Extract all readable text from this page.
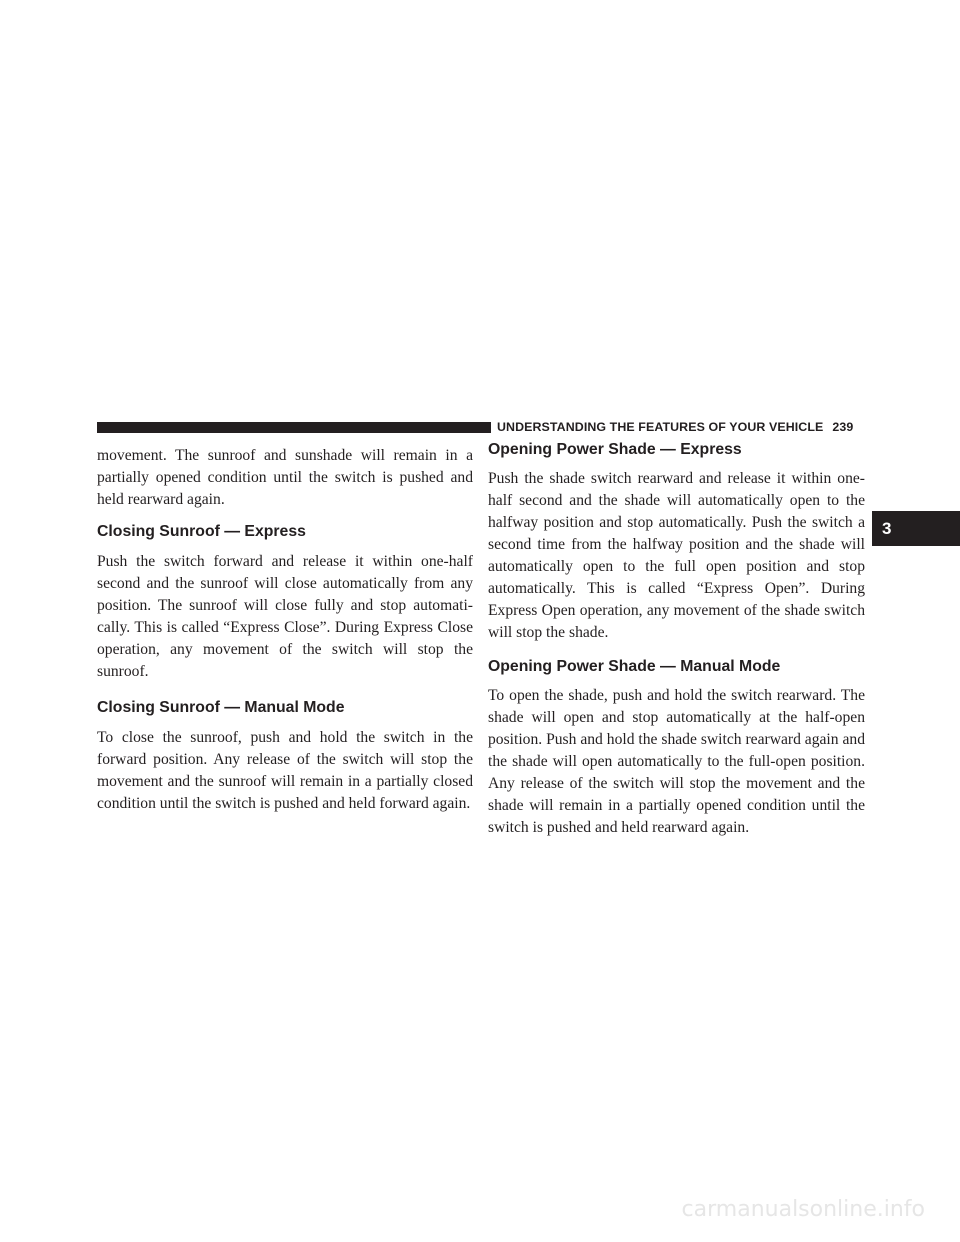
UNDERSTANDING THE FEATURES OF YOUR VEHICLE 239
3

movement. The sunroof and sunshade will remain in a partially opened condition until the switch is pushed and held rearward again.

Closing Sunroof — Express

Push the switch forward and release it within one-half second and the sunroof will close automatically from any position. The sunroof will close fully and stop automati-cally. This is called “Express Close”. During Express Close operation, any movement of the switch will stop the sunroof.

Closing Sunroof — Manual Mode

To close the sunroof, push and hold the switch in the forward position. Any release of the switch will stop the movement and the sunroof will remain in a partially closed condition until the switch is pushed and held forward again.

Opening Power Shade — Express

Push the shade switch rearward and release it within one-half second and the shade will automatically open to the halfway position and stop automatically. Push the switch a second time from the halfway position and the shade will automatically open to the full open position and stop automatically. This is called “Express Open”. During Express Open operation, any movement of the shade switch will stop the shade.

Opening Power Shade — Manual Mode

To open the shade, push and hold the switch rearward. The shade will open and stop automatically at the half-open position. Push and hold the shade switch rearward again and the shade will open automatically to the full-open position. Any release of the switch will stop the movement and the shade will remain in a partially opened condition until the switch is pushed and held rearward again.

carmanualsonline.info
